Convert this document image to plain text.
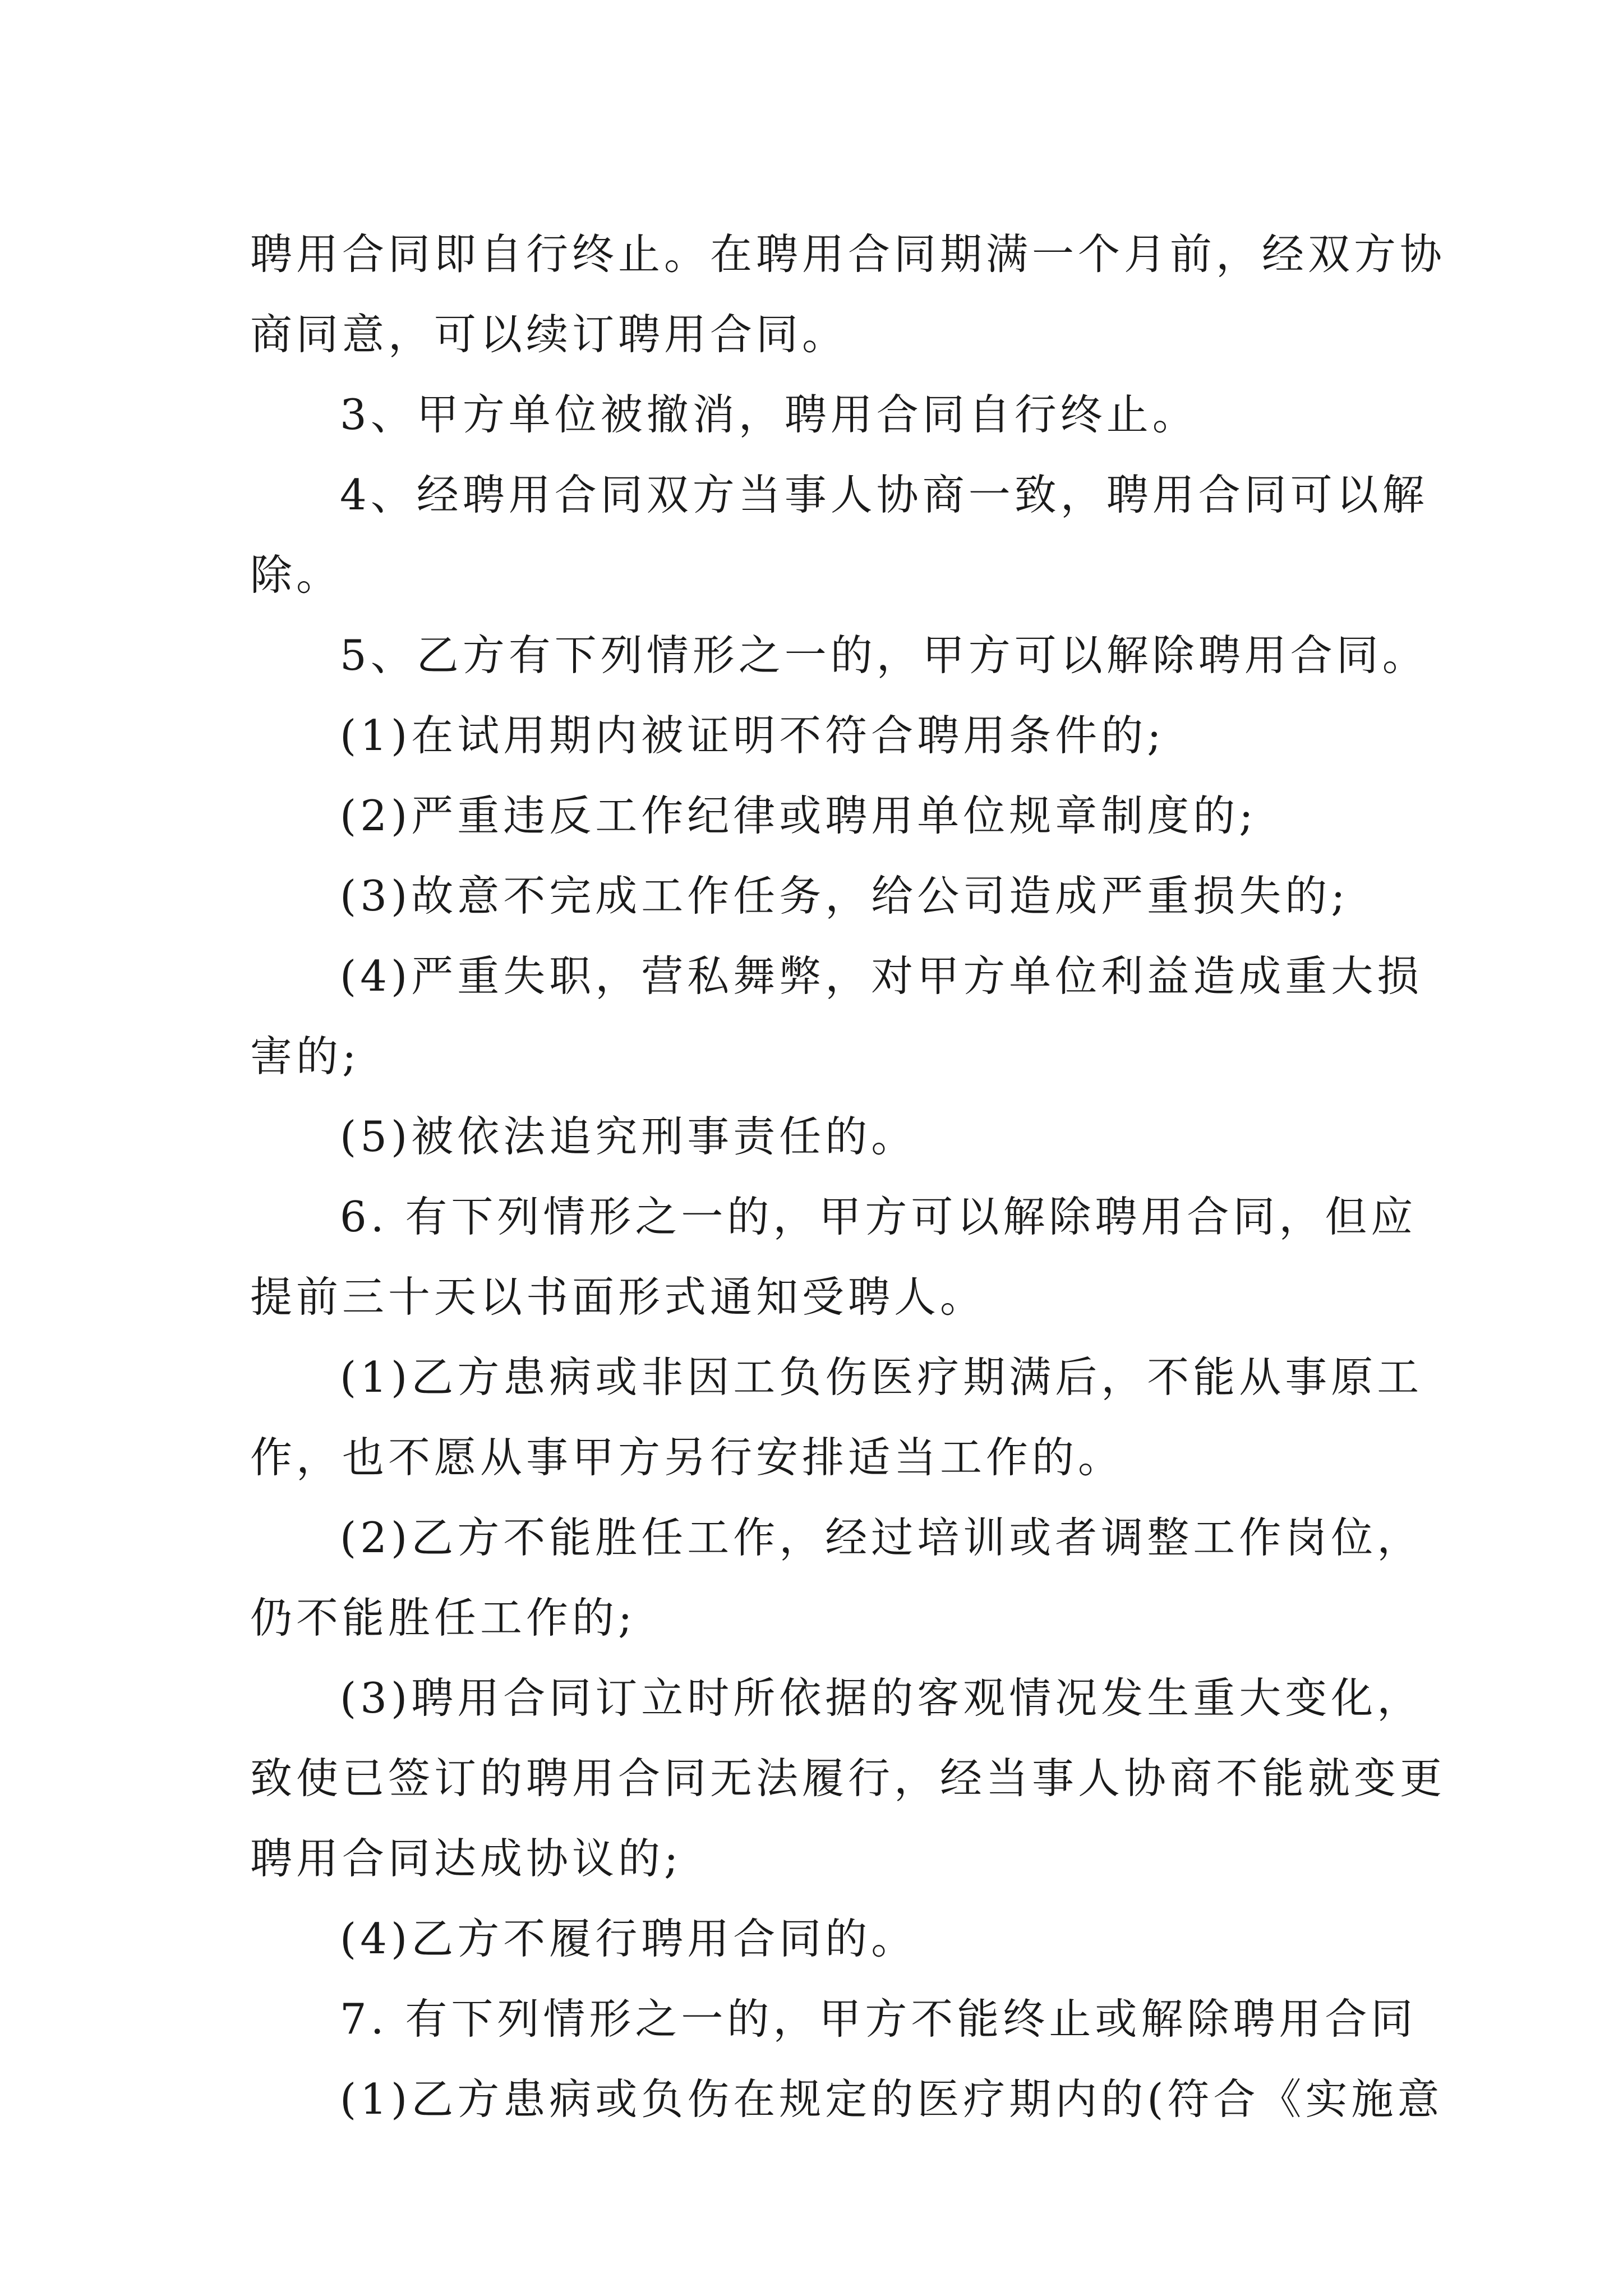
聘用合同即自行终止。在聘用合同期满一个月前，经双方协
商同意，可以续订聘用合同。
3、甲方单位被撤消，聘用合同自行终止。
4、经聘用合同双方当事人协商一致，聘用合同可以解
除。
5、乙方有下列情形之一的，甲方可以解除聘用合同。
(1)在试用期内被证明不符合聘用条件的;
(2)严重违反工作纪律或聘用单位规章制度的;
(3)故意不完成工作任务，给公司造成严重损失的;
(4)严重失职，营私舞弊，对甲方单位利益造成重大损
害的;
(5)被依法追究刑事责任的。
6. 有下列情形之一的，甲方可以解除聘用合同，但应
提前三十天以书面形式通知受聘人。
(1)乙方患病或非因工负伤医疗期满后，不能从事原工
作，也不愿从事甲方另行安排适当工作的。
(2)乙方不能胜任工作，经过培训或者调整工作岗位，
仍不能胜任工作的;
(3)聘用合同订立时所依据的客观情况发生重大变化，
致使已签订的聘用合同无法履行，经当事人协商不能就变更
聘用合同达成协议的;
(4)乙方不履行聘用合同的。
7. 有下列情形之一的，甲方不能终止或解除聘用合同
(1)乙方患病或负伤在规定的医疗期内的(符合《实施意
